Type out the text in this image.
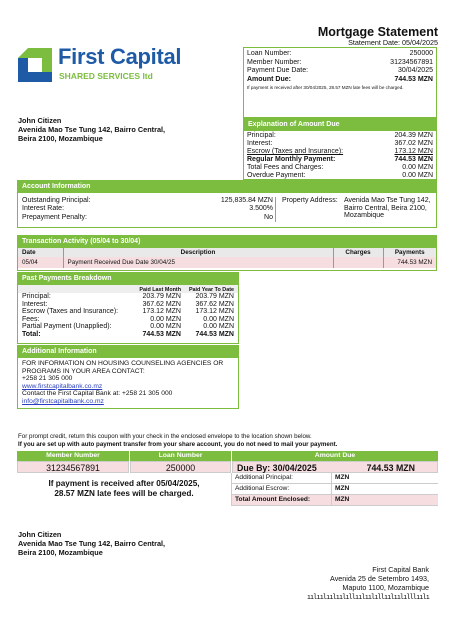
Mortgage Statement
Statement Date: 05/04/2025
First Capital
SHARED SERVICES ltd
Loan Number:	250000
Member Number:	31234567891
Payment Due Date:	30/04/2025
Amount Due:	744.53 MZN
If payment is received after 30/04/2025, 28.57 MZN late fees will be charged.
Explanation of Amount Due
Principal:	204.39 MZN
Interest:	367.02 MZN
Escrow (Taxes and Insurance):	173.12 MZN
Regular Monthly Payment:	744.53 MZN
Total Fees and Charges:	0.00 MZN
Overdue Payment:	0.00 MZN
John Citizen
Avenida Mao Tse Tung 142, Bairro Central,
Beira 2100, Mozambique
Account Information
Outstanding Principal:	125,835.84 MZN
Interest Rate:	3.500%
Prepayment Penalty:	No
Property Address: Avenida Mao Tse Tung 142,
Bairro Central, Beira 2100,
Mozambique
Transaction Activity (05/04 to 30/04)
Date	Description	Charges	Payments
05/04	Payment Received Due Date 30/04/25		744.53 MZN
Past Payments Breakdown
Paid Last Month	Paid Year To Date
Principal:	203.79 MZN	203.79 MZN
Interest:	367.62 MZN	367.62 MZN
Escrow (Taxes and Insurance):	173.12 MZN	173.12 MZN
Fees:	0.00 MZN	0.00 MZN
Partial Payment (Unapplied):	0.00 MZN	0.00 MZN
Total:	744.53 MZN	744.53 MZN
Additional Information
FOR INFORMATION ON HOUSING COUNSELING AGENCIES OR
PROGRAMS IN YOUR AREA CONTACT:
+258 21 305 000
www.firstcapitalbank.co.mz
Contact the First Capital Bank at: +258 21 305 000
info@firstcapitalbank.co.mz
For prompt credit, return this coupon with your check in the enclosed envelope to the location shown below.
If you are set up with auto payment transfer from your share account, you do not need to mail your payment.
Member Number	Loan Number	Amount Due
31234567891	250000	Due By: 30/04/2025	744.53 MZN
If payment is received after 05/04/2025,
28.57 MZN late fees will be charged.
Additional Principal:	MZN
Additional Escrow:	MZN
Total Amount Enclosed:	MZN
John Citizen
Avenida Mao Tse Tung 142, Bairro Central,
Beira 2100, Mozambique
First Capital Bank
Avenida 25 de Setembro 1493,
Maputo 1100, Mozambique
ıılıılıılıılıllıılıılıllıılıılılllıılı
